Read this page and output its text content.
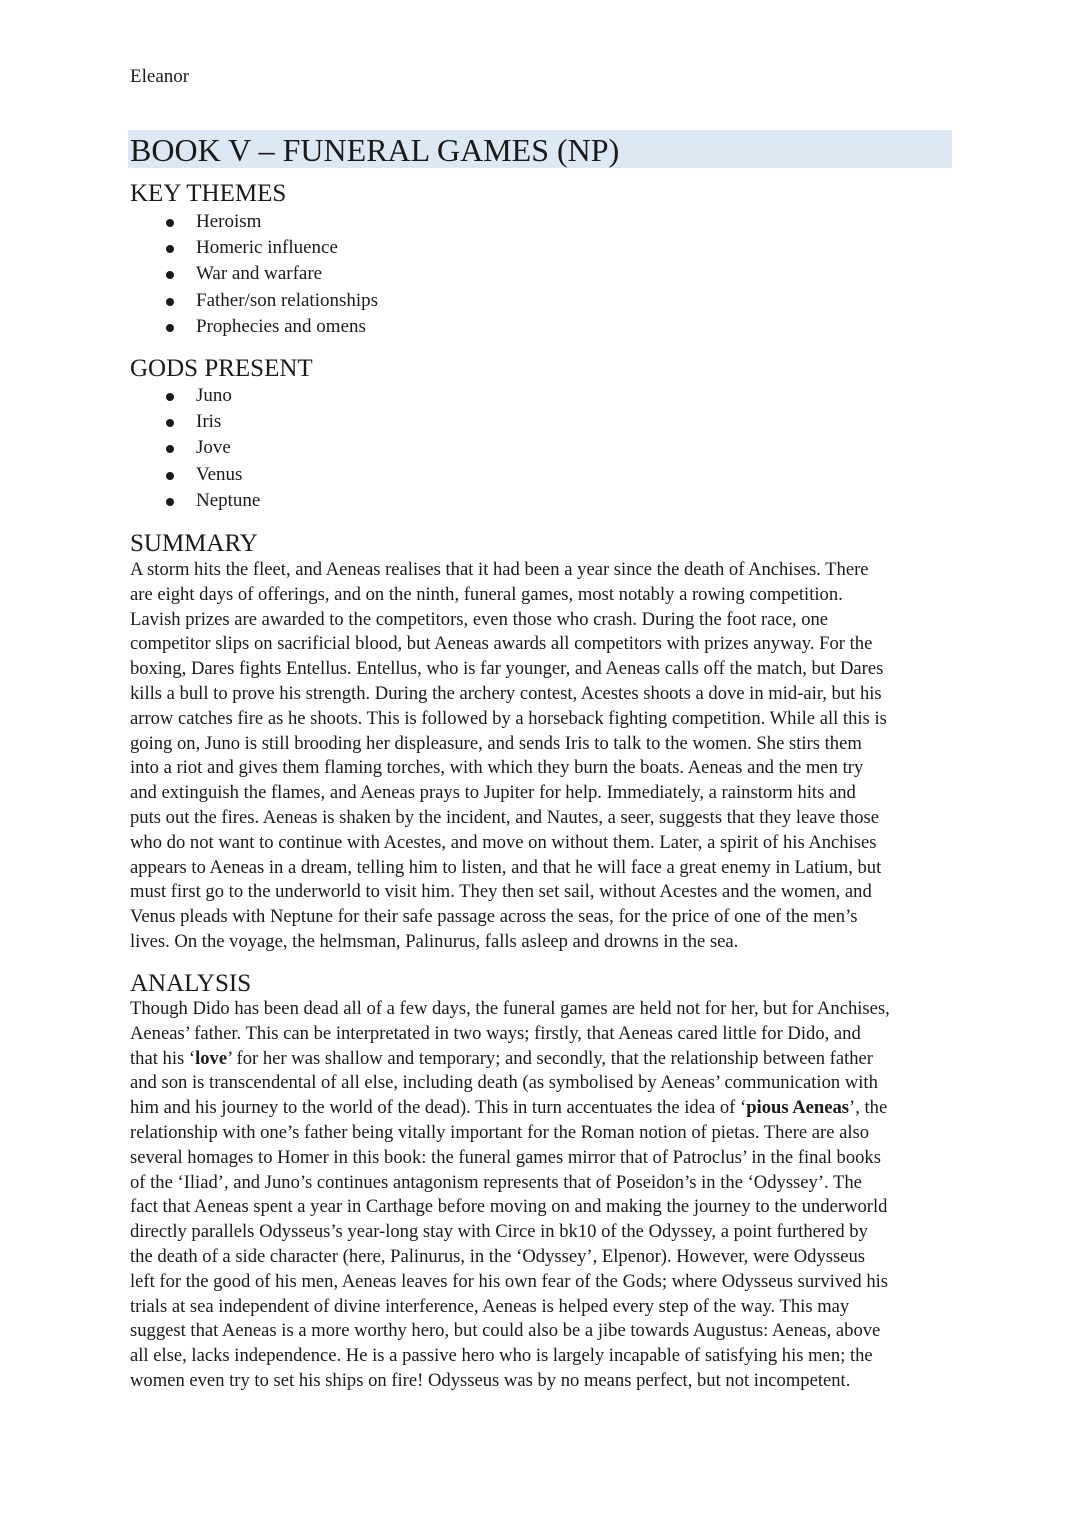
Eleanor
BOOK V – FUNERAL GAMES (NP)
KEY THEMES
Heroism
Homeric influence
War and warfare
Father/son relationships
Prophecies and omens
GODS PRESENT
Juno
Iris
Jove
Venus
Neptune
SUMMARY
A storm hits the fleet, and Aeneas realises that it had been a year since the death of Anchises. There
are eight days of offerings, and on the ninth, funeral games, most notably a rowing competition.
Lavish prizes are awarded to the competitors, even those who crash. During the foot race, one
competitor slips on sacrificial blood, but Aeneas awards all competitors with prizes anyway. For the
boxing, Dares fights Entellus. Entellus, who is far younger, and Aeneas calls off the match, but Dares
kills a bull to prove his strength. During the archery contest, Acestes shoots a dove in mid-air, but his
arrow catches fire as he shoots. This is followed by a horseback fighting competition. While all this is
going on, Juno is still brooding her displeasure, and sends Iris to talk to the women. She stirs them
into a riot and gives them flaming torches, with which they burn the boats. Aeneas and the men try
and extinguish the flames, and Aeneas prays to Jupiter for help. Immediately, a rainstorm hits and
puts out the fires. Aeneas is shaken by the incident, and Nautes, a seer, suggests that they leave those
who do not want to continue with Acestes, and move on without them. Later, a spirit of his Anchises
appears to Aeneas in a dream, telling him to listen, and that he will face a great enemy in Latium, but
must first go to the underworld to visit him. They then set sail, without Acestes and the women, and
Venus pleads with Neptune for their safe passage across the seas, for the price of one of the men’s
lives. On the voyage, the helmsman, Palinurus, falls asleep and drowns in the sea.
ANALYSIS
Though Dido has been dead all of a few days, the funeral games are held not for her, but for Anchises,
Aeneas’ father. This can be interpretated in two ways; firstly, that Aeneas cared little for Dido, and
that his ‘love’ for her was shallow and temporary; and secondly, that the relationship between father
and son is transcendental of all else, including death (as symbolised by Aeneas’ communication with
him and his journey to the world of the dead). This in turn accentuates the idea of ‘pious Aeneas’, the
relationship with one’s father being vitally important for the Roman notion of pietas. There are also
several homages to Homer in this book: the funeral games mirror that of Patroclus’ in the final books
of the ‘Iliad’, and Juno’s continues antagonism represents that of Poseidon’s in the ‘Odyssey’. The
fact that Aeneas spent a year in Carthage before moving on and making the journey to the underworld
directly parallels Odysseus’s year-long stay with Circe in bk10 of the Odyssey, a point furthered by
the death of a side character (here, Palinurus, in the ‘Odyssey’, Elpenor). However, were Odysseus
left for the good of his men, Aeneas leaves for his own fear of the Gods; where Odysseus survived his
trials at sea independent of divine interference, Aeneas is helped every step of the way. This may
suggest that Aeneas is a more worthy hero, but could also be a jibe towards Augustus: Aeneas, above
all else, lacks independence. He is a passive hero who is largely incapable of satisfying his men; the
women even try to set his ships on fire! Odysseus was by no means perfect, but not incompetent.
